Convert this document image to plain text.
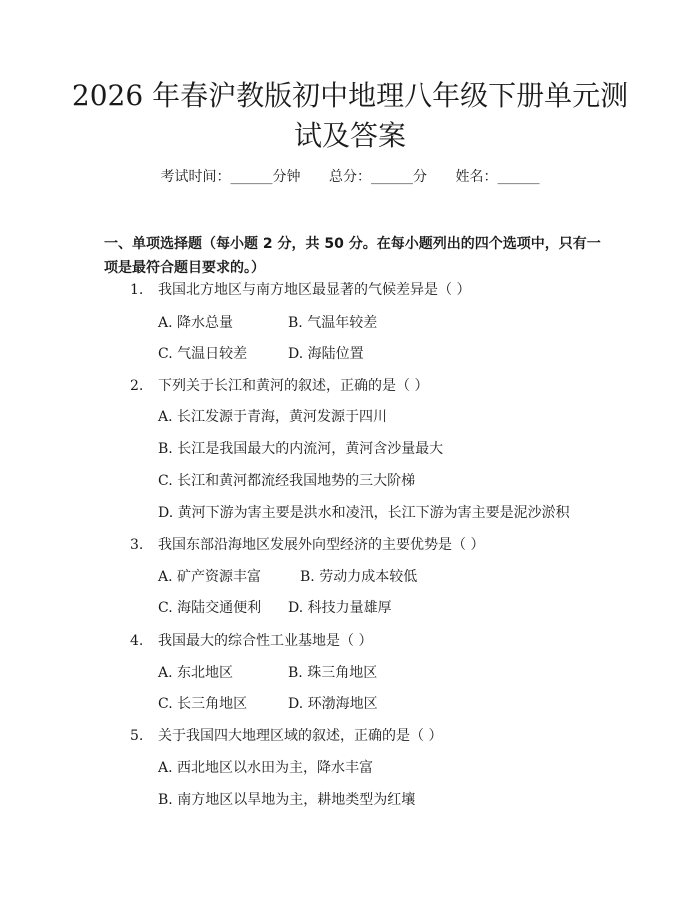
2026 年春沪教版初中地理八年级下册单元测
试及答案
考试时间：______分钟 总分：______分 姓名：______
一、单项选择题（每小题 2 分，共 50 分。在每小题列出的四个选项中，只有一项是最符合题目要求的。）
1. 我国北方地区与南方地区最显著的气候差异是（ ）
A. 降水总量	B. 气温年较差
C. 气温日较差	D. 海陆位置
2. 下列关于长江和黄河的叙述，正确的是（ ）
A. 长江发源于青海，黄河发源于四川
B. 长江是我国最大的内流河，黄河含沙量最大
C. 长江和黄河都流经我国地势的三大阶梯
D. 黄河下游为害主要是洪水和凌汛，长江下游为害主要是泥沙淤积
3. 我国东部沿海地区发展外向型经济的主要优势是（ ）
A. 矿产资源丰富	B. 劳动力成本较低
C. 海陆交通便利 D. 科技力量雄厚
4. 我国最大的综合性工业基地是（ ）
A. 东北地区	B. 珠三角地区
C. 长三角地区	D. 环渤海地区
5. 关于我国四大地理区域的叙述，正确的是（ ）
A. 西北地区以水田为主，降水丰富
B. 南方地区以旱地为主，耕地类型为红壤
